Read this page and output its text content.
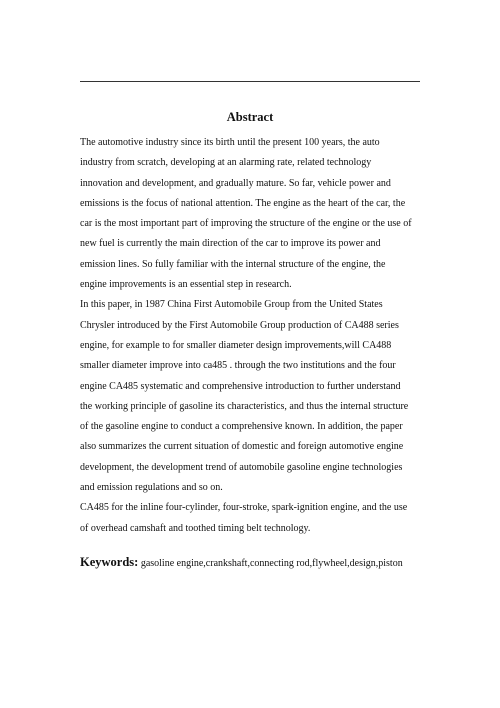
Abstract

The automotive industry since its birth until the present 100 years, the auto
industry from scratch, developing at an alarming rate, related technology
innovation and development, and gradually mature. So far, vehicle power and
emissions is the focus of national attention. The engine as the heart of the car, the
car is the most important part of improving the structure of the engine or the use of
new fuel is currently the main direction of the car to improve its power and
emission lines. So fully familiar with the internal structure of the engine, the
engine improvements is an essential step in research.

In this paper, in 1987 China First Automobile Group from the United States
Chrysler introduced by the First Automobile Group production of CA488 series
engine, for example to for smaller diameter design improvements,will CA488
smaller diameter improve into ca485 . through the two institutions and the four
engine CA485 systematic and comprehensive introduction to further understand
the working principle of gasoline its characteristics, and thus the internal structure
of the gasoline engine to conduct a comprehensive known. In addition, the paper
also summarizes the current situation of domestic and foreign automotive engine
development, the development trend of automobile gasoline engine technologies
and emission regulations and so on.

CA485 for the inline four-cylinder, four-stroke, spark-ignition engine, and the use
of overhead camshaft and toothed timing belt technology.

Keywords: gasoline engine,crankshaft,connecting rod,flywheel,design,piston
